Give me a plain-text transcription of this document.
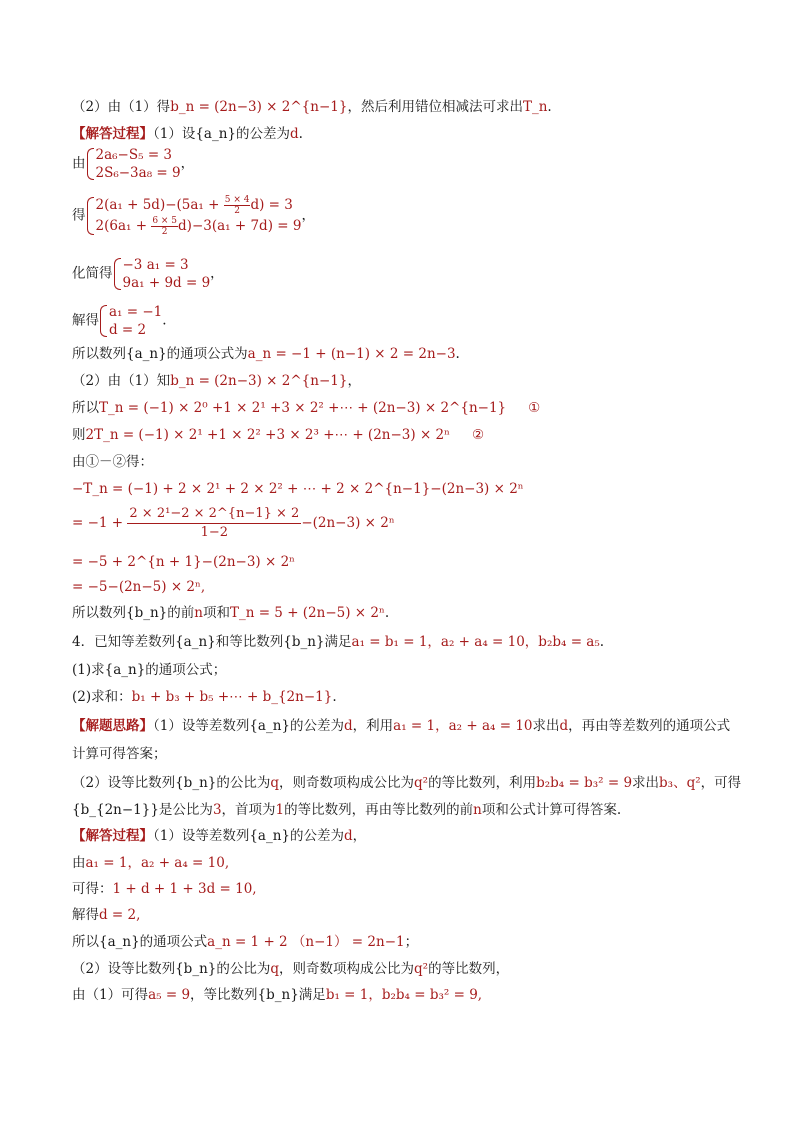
（2）由（1）得b_n = (2n−3) × 2^{n−1}，然后利用错位相减法可求出T_n.
【解答过程】（1）设{a_n}的公差为d.
由
2a₆−S₅ = 3
2S₆−3a₈ = 9
，
得
$2(a_1 + 5d)-(5a_1 + \frac{5 \times 4}{2} d) = 3$
$2(6a_1 + \frac{6 \times 5}{2} d)-3(a_1 + 7d) = 9$
，
化简得
−3 a₁ = 3
9a₁ + 9d = 9
，
解得
a₁ = −1
d = 2
.
所以数列{a_n}的通项公式为a_n = −1 + (n−1) × 2 = 2n−3.
（2）由（1）知b_n = (2n−3) × 2^{n−1}，
所以T_n = (−1) × 2⁰ +1 × 2¹ +3 × 2² +⋯ + (2n−3) × 2^{n−1} ①
则2T_n = (−1) × 2¹ +1 × 2² +3 × 2³ +⋯ + (2n−3) × 2ⁿ ②
由①－②得：
−T_n = (−1) + 2 × 2¹ + 2 × 2² + ⋯ + 2 × 2^{n−1}−(2n−3) × 2ⁿ
= $-1 + \frac{\text{2 × 2¹−2 × 2\textasciicircum{}\{n−1\} × 2}}{1-2} -(2n-3) \times 2^n$
= −5 + 2^{n + 1}−(2n−3) × 2ⁿ
= −5−(2n−5) × 2ⁿ,
所以数列{b_n}的前n项和T_n = 5 + (2n−5) × 2ⁿ.
4．已知等差数列{a_n}和等比数列{b_n}满足a₁ = b₁ = 1，a₂ + a₄ = 10，b₂b₄ = a₅.
(1)求{a_n}的通项公式；
(2)求和：b₁ + b₃ + b₅ +⋯ + b_{2n−1}.
【解题思路】（1）设等差数列{a_n}的公差为d，利用a₁ = 1，a₂ + a₄ = 10求出d，再由等差数列的通项公式
计算可得答案；
（2）设等比数列{b_n}的公比为q，则奇数项构成公比为q²的等比数列，利用b₂b₄ = b₃² = 9求出b₃、q²，可得
{b_{2n−1}}是公比为3，首项为1的等比数列，再由等比数列的前n项和公式计算可得答案.
【解答过程】（1）设等差数列{a_n}的公差为d，
由a₁ = 1，a₂ + a₄ = 10,
可得：1 + d + 1 + 3d = 10,
解得d = 2,
所以{a_n}的通项公式a_n = 1 + 2 （n−1） = 2n−1；
（2）设等比数列{b_n}的公比为q，则奇数项构成公比为q²的等比数列，
由（1）可得a₅ = 9，等比数列{b_n}满足b₁ = 1，b₂b₄ = b₃² = 9,
